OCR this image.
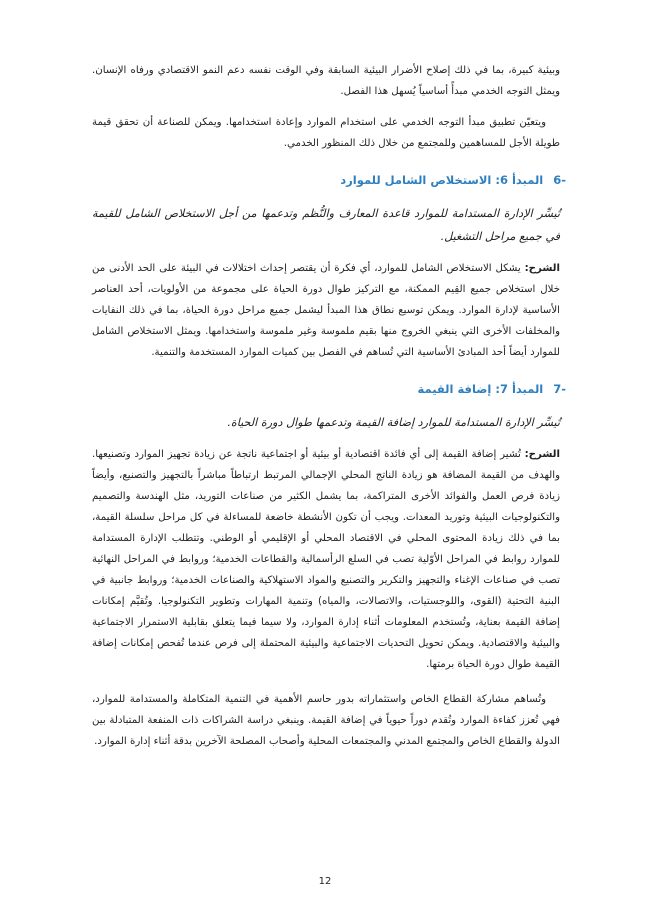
وبيئية كبيرة، بما في ذلك إصلاح الأضرار البيئية السابقة وفي الوقت نفسه دعم النمو الاقتصادي ورفاه الإنسان. ويمثل التوجه الخدمي مبدأً أساسياً يُسهل هذا الفصل.

ويتعيّن تطبيق مبدأ التوجه الخدمي على استخدام الموارد وإعادة استخدامها. ويمكن للصناعة أن تحقق قيمة طويلة الأجل للمساهمين وللمجتمع من خلال ذلك المنظور الخدمي.

6-
المبدأ 6: الاستخلاص الشامل للموارد

تُيسِّر الإدارة المستدامة للموارد قاعدة المعارف والنُّظم وتدعمها من أجل الاستخلاص الشامل للقيمة في جميع مراحل التشغيل.

الشرح: يشكل الاستخلاص الشامل للموارد، أي فكرة أن يقتصر إحداث اختلالات في البيئة على الحد الأدنى من خلال استخلاص جميع القِيم الممكنة، مع التركيز طوال دورة الحياة على مجموعة من الأولويات، أحد العناصر الأساسية لإدارة الموارد. ويمكن توسيع نطاق هذا المبدأ ليشمل جميع مراحل دورة الحياة، بما في ذلك النفايات والمخلفات الأخرى التي ينبغي الخروج منها بقيم ملموسة وغير ملموسة واستخدامها. ويمثل الاستخلاص الشامل للموارد أيضاً أحد المبادئ الأساسية التي تُساهم في الفصل بين كميات الموارد المستخدمة والتنمية.

7-
المبدأ 7: إضافة القيمة

تُيسِّر الإدارة المستدامة للموارد إضافة القيمة وتدعمها طوال دورة الحياة.

الشرح: تُشير إضافة القيمة إلى أي فائدة اقتصادية أو بيئية أو اجتماعية ناتجة عن زيادة تجهيز الموارد وتصنيعها. والهدف من القيمة المضافة هو زيادة الناتج المحلي الإجمالي المرتبط ارتباطاً مباشراً بالتجهيز والتصنيع، وأيضاً زيادة فرص العمل والفوائد الأخرى المتراكمة، بما يشمل الكثير من صناعات التوريد، مثل الهندسة والتصميم والتكنولوجيات البيئية وتوريد المعدات. ويجب أن تكون الأنشطة خاضعة للمساءلة في كل مراحل سلسلة القيمة، بما في ذلك زيادة المحتوى المحلي في الاقتصاد المحلي أو الإقليمي أو الوطني. وتتطلب الإدارة المستدامة للموارد روابط في المراحل الأوّلية تصب في السلع الرأسمالية والقطاعات الخدمية؛ وروابط في المراحل النهائية تصب في صناعات الإغناء والتجهيز والتكرير والتصنيع والمواد الاستهلاكية والصناعات الخدمية؛ وروابط جانبية في البنية التحتية (القوى، واللوجستيات، والاتصالات، والمياه) وتنمية المهارات وتطوير التكنولوجيا. وتُقيَّم إمكانات إضافة القيمة بعناية، وتُستخدم المعلومات أثناء إدارة الموارد، ولا سيما فيما يتعلق بقابلية الاستمرار الاجتماعية والبيئية والاقتصادية. ويمكن تحويل التحديات الاجتماعية والبيئية المحتملة إلى فرص عندما تُفحص إمكانات إضافة القيمة طوال دورة الحياة برمتها.

وتُساهم مشاركة القطاع الخاص واستثماراته بدور حاسم الأهمية في التنمية المتكاملة والمستدامة للموارد، فهي تُعزز كفاءة الموارد وتُقدم دوراً حيوياً في إضافة القيمة. وينبغي دراسة الشراكات ذات المنفعة المتبادلة بين الدولة والقطاع الخاص والمجتمع المدني والمجتمعات المحلية وأصحاب المصلحة الآخرين بدقة أثناء إدارة الموارد.

12
